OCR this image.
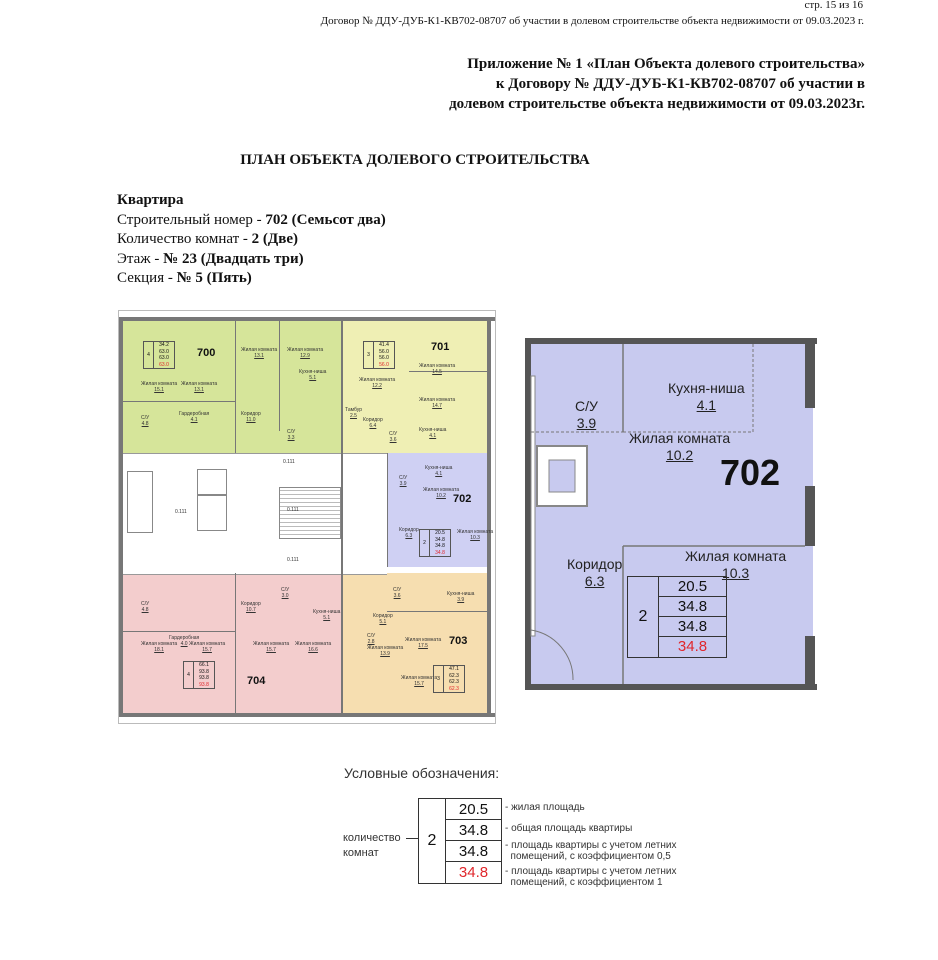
стр. 15 из 16
Договор № ДДУ-ДУБ-К1-КВ702-08707 об участии в долевом строительстве объекта недвижимости от 09.03.2023 г.
Приложение № 1 «План Объекта долевого строительства»
к Договору № ДДУ-ДУБ-К1-КВ702-08707 об участии в
долевом строительстве объекта недвижимости от 09.03.2023г.
ПЛАН ОБЪЕКТА ДОЛЕВОГО СТРОИТЕЛЬСТВА
Квартира
Строительный номер - 702 (Семьсот два)
Количество комнат - 2 (Две)
Этаж - № 23 (Двадцать три)
Секция - № 5 (Пять)
700	701
702
703
704
Жилая комната
15.1
Жилая комната
13.1
Жилая комната
13.1
Жилая комната
12.9
Кухня-ниша
5.1
Гардеробная
4.1
С/У
4.8
Коридор
11.0
С/У
3.3
Жилая комната
14.5
Жилая комната
12.2
Жилая комната
14.7
Кухня-ниша
4.1
С/У
3.6
Коридор
6.4
Тамбур
2.5
Кухня-ниша
4.1
С/У
3.9
Жилая комната
10.2
Коридор
6.3
Жилая комната
10.3
С/У
4.8
Гардеробная
4.0
Коридор
10.7
С/У
3.0
Кухня-ниша
5.1
Жилая комната
18.1
Жилая комната
15.7
Жилая комната
15.7
Жилая комната
16.6
С/У
3.6	Кухня-ниша
3.9
Коридор
5.1
С/У
2.8
Жилая комната
13.9
Жилая комната
17.5
Жилая комната
15.7
4
34.2
63.0
63.0
63.0
3
41.4
56.0
56.0
56.0
2
20.5
34.8
34.8
34.8
4
66.1
93.8
93.8
93.8
3
47.1
62.3
62.3
62.3
0.111
0.111
0.111
0.111
С/У
3.9
Кухня-ниша
4.1
Жилая комната
10.2
Коридор
6.3
Жилая комната
10.3
702
2
20.5
34.8
34.8
34.8
Условные обозначения:
количество
комнат
2
20.5
34.8
34.8
34.8
- жилая площадь
- общая площадь квартиры
- площадь квартиры с учетом летних
помещений, с коэффициентом 0,5
- площадь квартиры с учетом летних
помещений, с коэффициентом 1
